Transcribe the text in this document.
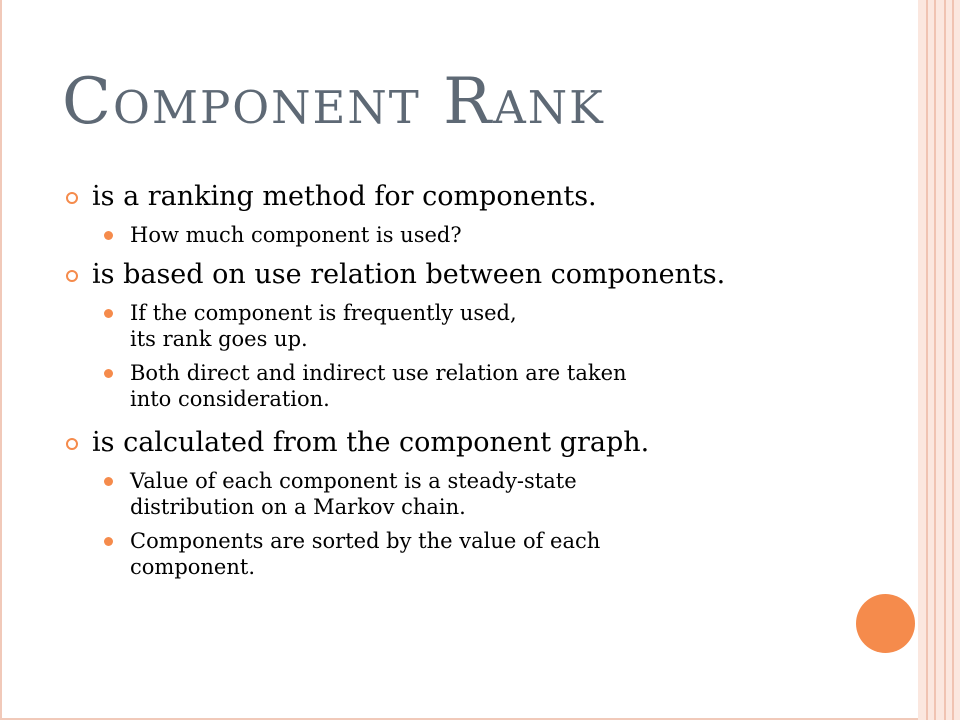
Component Rank
is a ranking method for components.
How much component is used?
is based on use relation between components.
If the component is frequently used,
its rank goes up.
Both direct and indirect use relation are taken
into consideration.
is calculated from the component graph.
Value of each component is a steady-state
distribution on a Markov chain.
Components are sorted by the value of each
component.
